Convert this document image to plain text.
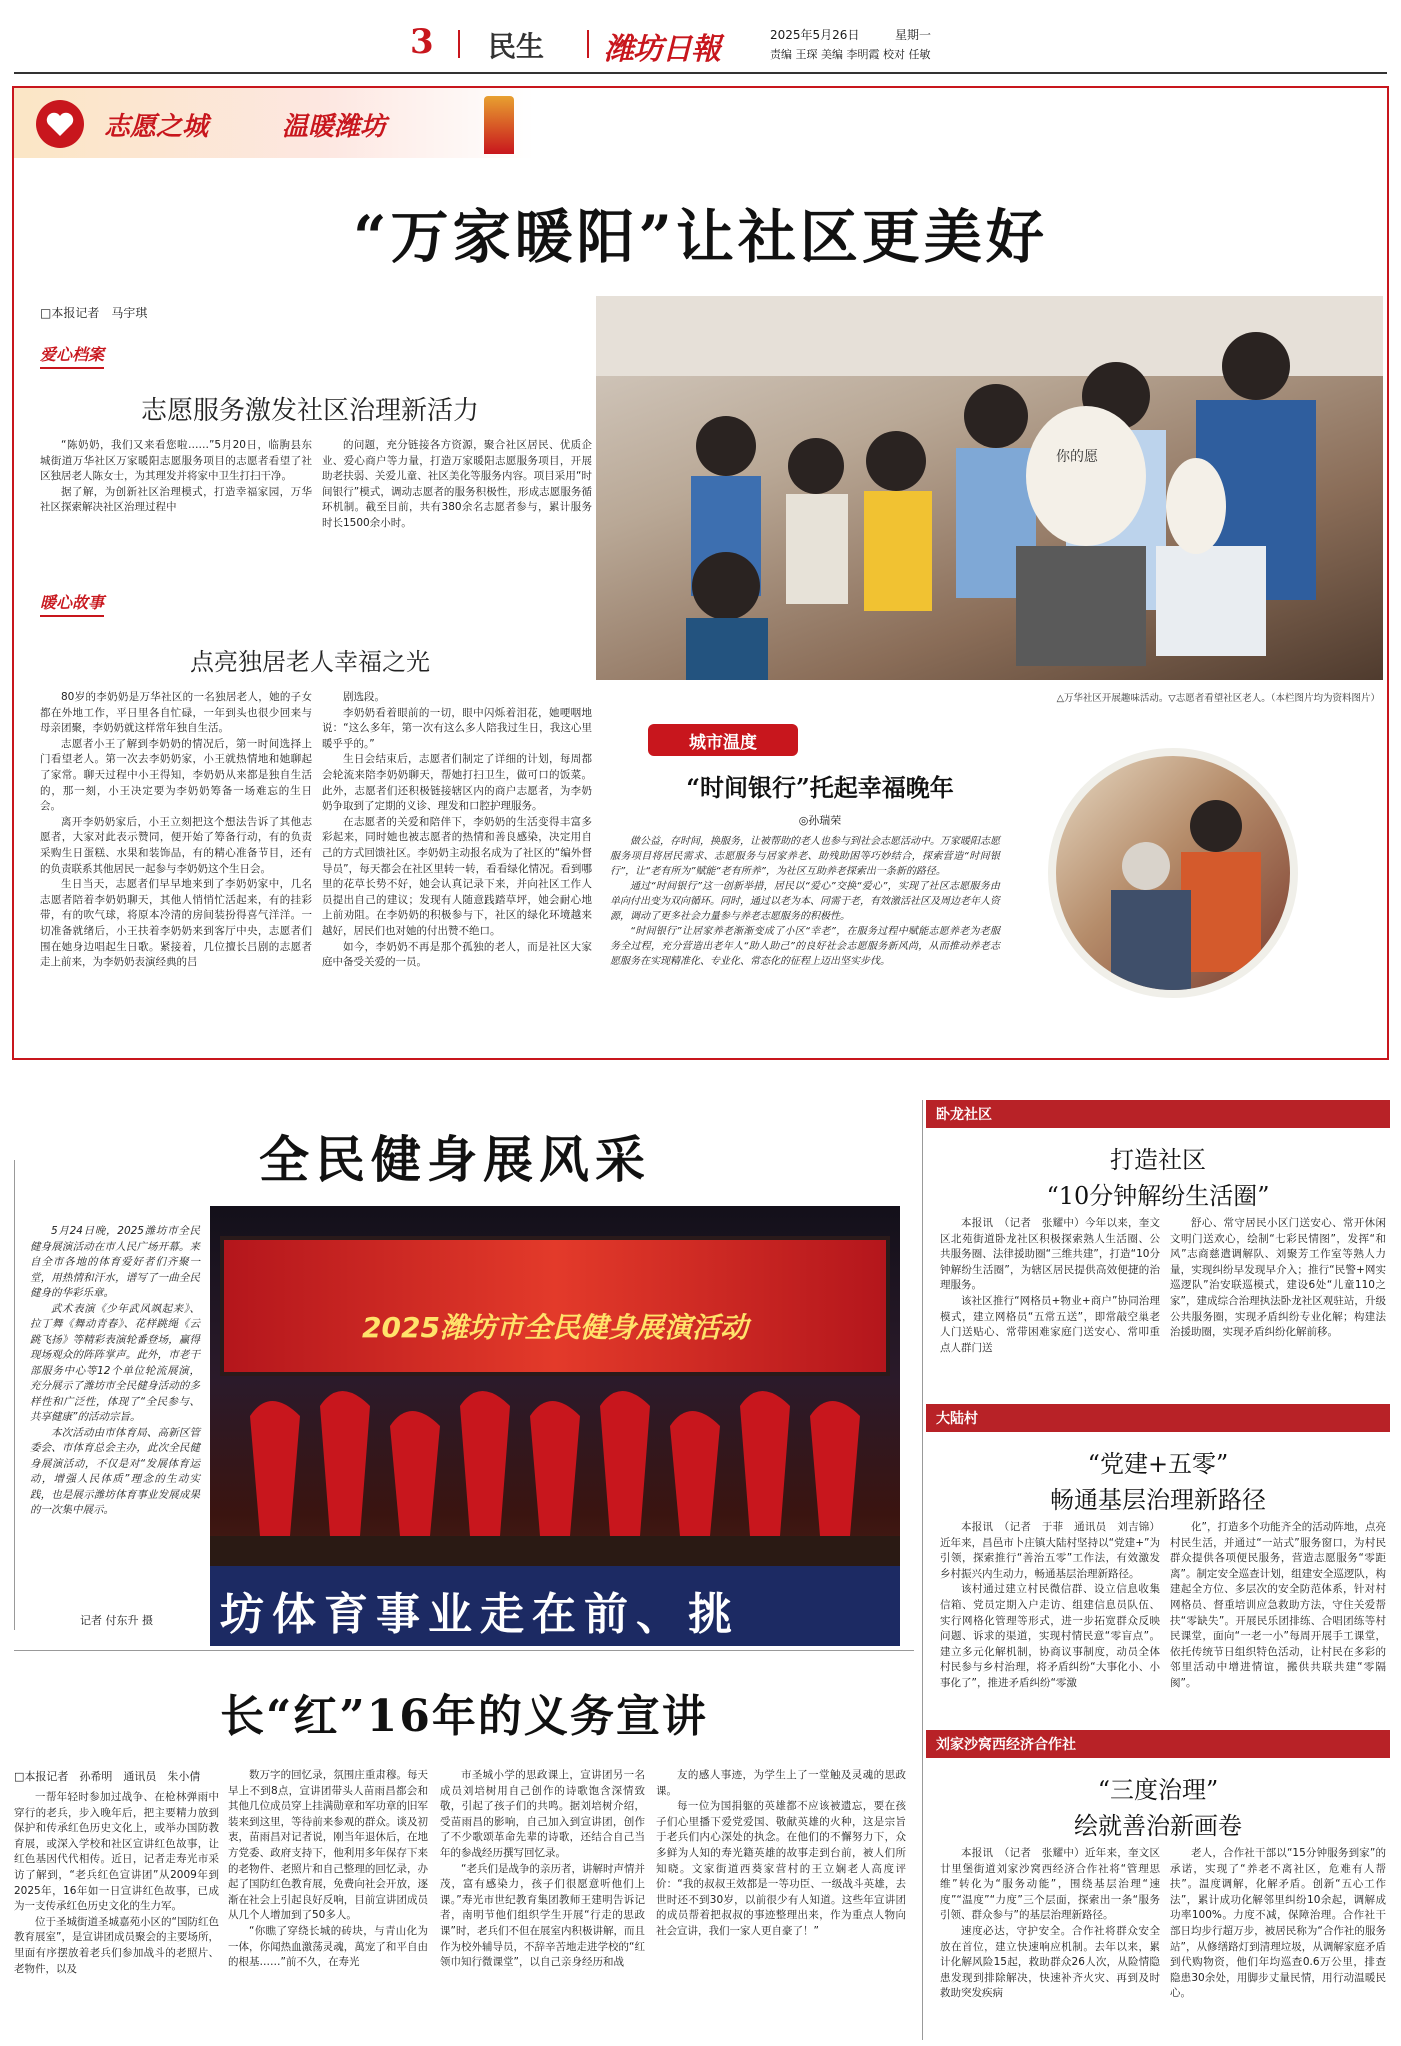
3 民生 潍坊日報	2025年5月26日	星期一
责编 王琛 美编 李明霞 校对 任敏
志愿之城	温暖潍坊
“万家暖阳”让社区更美好
□本报记者　马宇琪
爱心档案
志愿服务激发社区治理新活力

“陈奶奶，我们又来看您啦……”5月20日，临朐县东城街道万华社区万家暖阳志愿服务项目的志愿者看望了社区独居老人陈女士，为其理发并将家中卫生打扫干净。

据了解，为创新社区治理模式，打造幸福家园，万华社区探索解决社区治理过程中

的问题，充分链接各方资源，聚合社区居民、优质企业、爱心商户等力量，打造万家暖阳志愿服务项目，开展助老扶弱、关爱儿童、社区美化等服务内容。项目采用“时间银行”模式，调动志愿者的服务积极性，形成志愿服务循环机制。截至目前，共有380余名志愿者参与，累计服务时长1500余小时。

暖心故事
点亮独居老人幸福之光

80岁的李奶奶是万华社区的一名独居老人，她的子女都在外地工作，平日里各自忙碌，一年到头也很少回来与母亲团聚，李奶奶就这样常年独自生活。

志愿者小王了解到李奶奶的情况后，第一时间选择上门看望老人。第一次去李奶奶家，小王就热情地和她聊起了家常。聊天过程中小王得知，李奶奶从来都是独自生活的，那一刻，小王决定要为李奶奶筹备一场难忘的生日会。

离开李奶奶家后，小王立刻把这个想法告诉了其他志愿者，大家对此表示赞同，便开始了筹备行动，有的负责采购生日蛋糕、水果和装饰品，有的精心准备节目，还有的负责联系其他居民一起参与李奶奶这个生日会。

生日当天，志愿者们早早地来到了李奶奶家中，几名志愿者陪着李奶奶聊天，其他人悄悄忙活起来，有的挂彩带，有的吹气球，将原本冷清的房间装扮得喜气洋洋。一切准备就绪后，小王扶着李奶奶来到客厅中央，志愿者们围在她身边唱起生日歌。紧接着，几位擅长吕剧的志愿者走上前来，为李奶奶表演经典的吕

剧选段。

李奶奶看着眼前的一切，眼中闪烁着泪花，她哽咽地说：“这么多年，第一次有这么多人陪我过生日，我这心里暖乎乎的。”

生日会结束后，志愿者们制定了详细的计划，每周都会轮流来陪李奶奶聊天，帮她打扫卫生，做可口的饭菜。此外，志愿者们还积极链接辖区内的商户志愿者，为李奶奶争取到了定期的义诊、理发和口腔护理服务。

在志愿者的关爱和陪伴下，李奶奶的生活变得丰富多彩起来，同时她也被志愿者的热情和善良感染，决定用自己的方式回馈社区。李奶奶主动报名成为了社区的“编外督导员”，每天都会在社区里转一转，看看绿化情况。看到哪里的花草长势不好，她会认真记录下来，并向社区工作人员提出自己的建议；发现有人随意践踏草坪，她会耐心地上前劝阻。在李奶奶的积极参与下，社区的绿化环境越来越好，居民们也对她的付出赞不绝口。

如今，李奶奶不再是那个孤独的老人，而是社区大家庭中备受关爱的一员。

你的愿
△万华社区开展趣味活动。▽志愿者看望社区老人。（本栏图片均为资料图片）
城市温度
“时间银行”托起幸福晚年
◎孙瑞荣

做公益，存时间，换服务，让被帮助的老人也参与到社会志愿活动中。万家暖阳志愿服务项目将居民需求、志愿服务与居家养老、助残助困等巧妙结合，探索营造“时间银行”，让“老有所为”赋能“老有所养”，为社区互助养老探索出一条新的路径。

通过“时间银行”这一创新举措，居民以“爱心”交换“爱心”，实现了社区志愿服务由单向付出变为双向循环。同时，通过以老为本、同需于老，有效激活社区及周边老年人资源，调动了更多社会力量参与养老志愿服务的积极性。

“时间银行”让居家养老渐渐变成了小区“幸老”，在服务过程中赋能志愿养老为老服务全过程，充分营造出老年人“助人助己”的良好社会志愿服务新风尚，从而推动养老志愿服务在实现精准化、专业化、常态化的征程上迈出坚实步伐。

全民健身展风采

5月24日晚，2025潍坊市全民健身展演活动在市人民广场开幕。来自全市各地的体育爱好者们齐聚一堂，用热情和汗水，谱写了一曲全民健身的华彩乐章。

武术表演《少年武风飒起来》、拉丁舞《舞动青春》、花样跳绳《云跳飞扬》等精彩表演轮番登场，赢得现场观众的阵阵掌声。此外，市老干部服务中心等12个单位轮流展演，充分展示了潍坊市全民健身活动的多样性和广泛性，体现了“全民参与、共享健康”的活动宗旨。

本次活动由市体育局、高新区管委会、市体育总会主办，此次全民健身展演活动，不仅是对“发展体育运动，增强人民体质”理念的生动实践，也是展示潍坊体育事业发展成果的一次集中展示。

记者 付东升 摄
2025潍坊市全民健身展演活动
坊体育事业走在前、挑
长“红”16年的义务宣讲
□本报记者　孙希明　通讯员　朱小倩

一帮年轻时参加过战争、在枪林弹雨中穿行的老兵，步入晚年后，把主要精力放到保护和传承红色历史文化上，或举办国防教育展，或深入学校和社区宣讲红色故事，让红色基因代代相传。近日，记者走寿光市采访了解到，“老兵红色宣讲团”从2009年到2025年，16年如一日宣讲红色故事，已成为一支传承红色历史文化的生力军。

位于圣城街道圣城嘉苑小区的“国防红色教育展室”，是宣讲团成员聚会的主要场所，里面有序摆放着老兵们参加战斗的老照片、老物件，以及

数万字的回忆录，氛围庄重肃穆。每天早上不到8点，宣讲团带头人苗雨昌都会和其他几位成员穿上挂满勋章和军功章的旧军装来到这里，等待前来参观的群众。谈及初衷，苗雨昌对记者说，刚当年退休后，在地方党委、政府支持下，他利用多年保存下来的老物件、老照片和自己整理的回忆录，办起了国防红色教育展，免费向社会开放，逐渐在社会上引起良好反响，目前宣讲团成员从几个人增加到了50多人。

“你瞧了穿绕长城的砖块，与青山化为一体，你闻热血激荡灵魂，萬宠了和平自由的根基……”前不久，在寿光

市圣城小学的思政课上，宣讲团另一名成员刘培树用自己创作的诗歌饱含深情致敬，引起了孩子们的共鸣。据刘培树介绍，受苗雨昌的影响，自己加入到宣讲团，创作了不少歌颂革命先辈的诗歌，还结合自己当年的参战经历撰写回忆录。

“老兵们是战争的亲历者，讲解时声情并茂，富有感染力，孩子们很愿意听他们上课。”寿光市世纪教育集团教师王建明告诉记者，南明节他们组织学生开展“行走的思政课”时，老兵们不但在展室内积极讲解，而且作为校外辅导员，不辞辛苦地走进学校的“红领巾知行微课堂”，以自己亲身经历和战

友的感人事迹，为学生上了一堂触及灵魂的思政课。

每一位为国捐躯的英雄都不应该被遗忘，要在孩子们心里播下爱党爱国、敬献英雄的火种，这是宗旨于老兵们内心深处的执念。在他们的不懈努力下，众多鲜为人知的寿光籍英雄的故事走到台前，被人们所知晓。文家街道西葵家营村的王立娴老人高度评价：“我的叔叔王效都是一等功臣、一级战斗英雄，去世时还不到30岁，以前很少有人知道。这些年宣讲团的成员帮着把叔叔的事迹整理出来，作为重点人物向社会宣讲，我们一家人更自豪了！”

卧龙社区
打造社区
“10分钟解纷生活圈”

本报讯　（记者　张耀中）今年以来，奎文区北苑街道卧龙社区积极探索熟人生活圈、公共服务圈、法律援助圈“三维共建”，打造“10分钟解纷生活圈”，为辖区居民提供高效便捷的治理服务。

该社区推行“网格员+物业+商户”协同治理模式，建立网格员“五常五送”，即常敲空巢老人门送贴心、常带困难家庭门送安心、常叩重点人群门送

舒心、常守居民小区门送安心、常开休闲文明门送欢心，绘制“七彩民情图”，发挥“和风”志商慈遣调解队、刘聚芳工作室等熟人力量，实现纠纷早发现早介入；推行“民警+网实巡逻队”治安联巡模式，建设6处“儿童110之家”，建成综合治理执法卧龙社区观驻站，升级公共服务圈，实现矛盾纠纷专业化解；构建法治援助圈，实现矛盾纠纷化解前移。

大陆村
“党建+五零”
畅通基层治理新路径

本报讯　（记者　于菲　通讯员　刘吉锦）近年来，昌邑市卜庄镇大陆村坚持以“党建+”为引领，探索推行“善治五零”工作法，有效激发乡村振兴内生动力，畅通基层治理新路径。

该村通过建立村民微信群、设立信息收集信箱、党员定期入户走访、组建信息员队伍、实行网格化管理等形式，进一步拓宽群众反映问题、诉求的渠道，实现村情民意“零盲点”。建立多元化解机制，协商议事制度，动员全体村民参与乡村治理，将矛盾纠纷“大事化小、小事化了”，推进矛盾纠纷“零激

化”，打造多个功能齐全的活动阵地，点亮村民生活，并通过“一站式”服务窗口，为村民群众提供各项便民服务，营造志愿服务“零距离”。制定安全巡查计划，组建安全巡逻队，构建起全方位、多层次的安全防范体系，针对村网格员、督重培训应急救助方法，守住关爱帮扶“零缺失”。开展民乐团排练、合唱团练等村民课堂，面向“一老一小”每周开展手工课堂，依托传统节日组织特色活动，让村民在多彩的邻里活动中增进情谊，搬供共联共建“零隔阂”。

刘家沙窝西经济合作社
“三度治理”
绘就善治新画卷

本报讯　（记者　张耀中）近年来，奎文区廿里堡街道刘家沙窝西经济合作社将“管理思维”转化为“服务动能”，围绕基层治理“速度”“温度”“力度”三个层面，探索出一条“服务引领、群众参与”的基层治理新路径。

速度必达，守护安全。合作社将群众安全放在首位，建立快速响应机制。去年以来，累计化解风险15起，救助群众26人次，从险情隐患发现到排除解决，快速补齐火灾、再到及时救助突发疾病

老人，合作社干部以“15分钟服务到家”的承诺，实现了“养老不离社区，危难有人帮扶”。温度调解，化解矛盾。创新“五心工作法”，累计成功化解邻里纠纷10余起，调解成功率100%。力度不减，保障治理。合作社干部日均步行超万步，被居民称为“合作社的服务站”，从修缮路灯到清理垃圾，从调解家庭矛盾到代购物资，他们年均巡查0.6万公里，排查隐患30余处，用脚步丈量民情，用行动温暖民心。
